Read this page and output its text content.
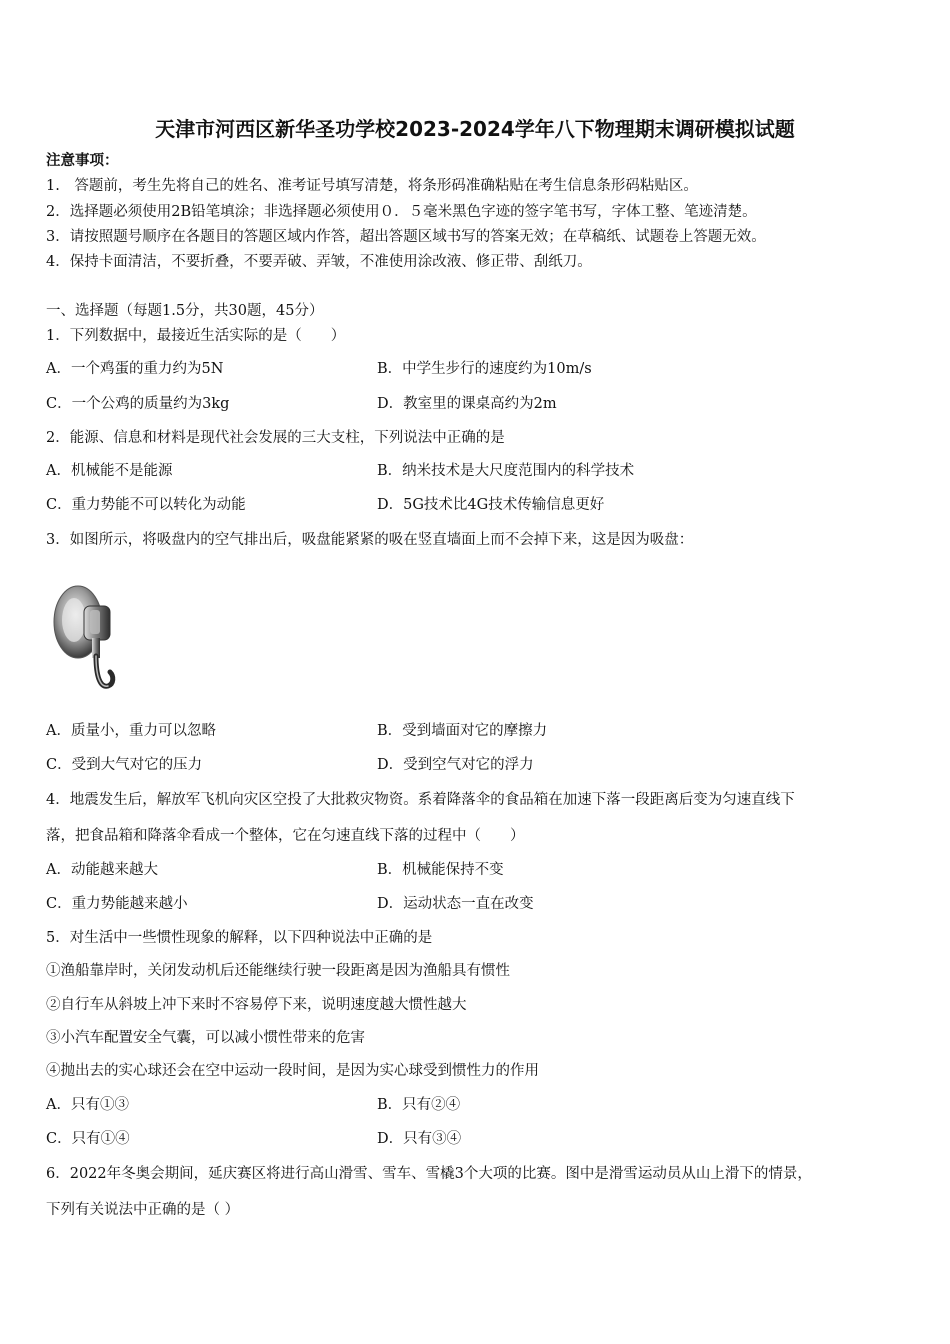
天津市河西区新华圣功学校2023-2024学年八下物理期末调研模拟试题
注意事项：
1.　答题前，考生先将自己的姓名、准考证号填写清楚，将条形码准确粘贴在考生信息条形码粘贴区。
2．选择题必须使用2B铅笔填涂；非选择题必须使用０．５毫米黑色字迹的签字笔书写，字体工整、笔迹清楚。
3．请按照题号顺序在各题目的答题区域内作答，超出答题区域书写的答案无效；在草稿纸、试题卷上答题无效。
4．保持卡面清洁，不要折叠，不要弄破、弄皱，不准使用涂改液、修正带、刮纸刀。
一、选择题（每题1.5分，共30题，45分）
1．下列数据中，最接近生活实际的是（　　）
A．一个鸡蛋的重力约为5N	B．中学生步行的速度约为10m/s
C．一个公鸡的质量约为3kg	D．教室里的课桌高约为2m
2．能源、信息和材料是现代社会发展的三大支柱，下列说法中正确的是
A．机械能不是能源	B．纳米技术是大尺度范围内的科学技术
C．重力势能不可以转化为动能	D．5G技术比4G技术传输信息更好
3．如图所示，将吸盘内的空气排出后，吸盘能紧紧的吸在竖直墙面上而不会掉下来，这是因为吸盘：
A．质量小，重力可以忽略	B．受到墙面对它的摩擦力
C．受到大气对它的压力	D．受到空气对它的浮力
4．地震发生后，解放军飞机向灾区空投了大批救灾物资。系着降落伞的食品箱在加速下落一段距离后变为匀速直线下
落，把食品箱和降落伞看成一个整体，它在匀速直线下落的过程中（　　）
A．动能越来越大	B．机械能保持不变
C．重力势能越来越小	D．运动状态一直在改变
5．对生活中一些惯性现象的解释，以下四种说法中正确的是
①渔船靠岸时，关闭发动机后还能继续行驶一段距离是因为渔船具有惯性
②自行车从斜坡上冲下来时不容易停下来，说明速度越大惯性越大
③小汽车配置安全气囊，可以减小惯性带来的危害
④抛出去的实心球还会在空中运动一段时间，是因为实心球受到惯性力的作用
A．只有①③	B．只有②④
C．只有①④	D．只有③④
6．2022年冬奥会期间，延庆赛区将进行高山滑雪、雪车、雪橇3个大项的比赛。图中是滑雪运动员从山上滑下的情景，
下列有关说法中正确的是（ ）
